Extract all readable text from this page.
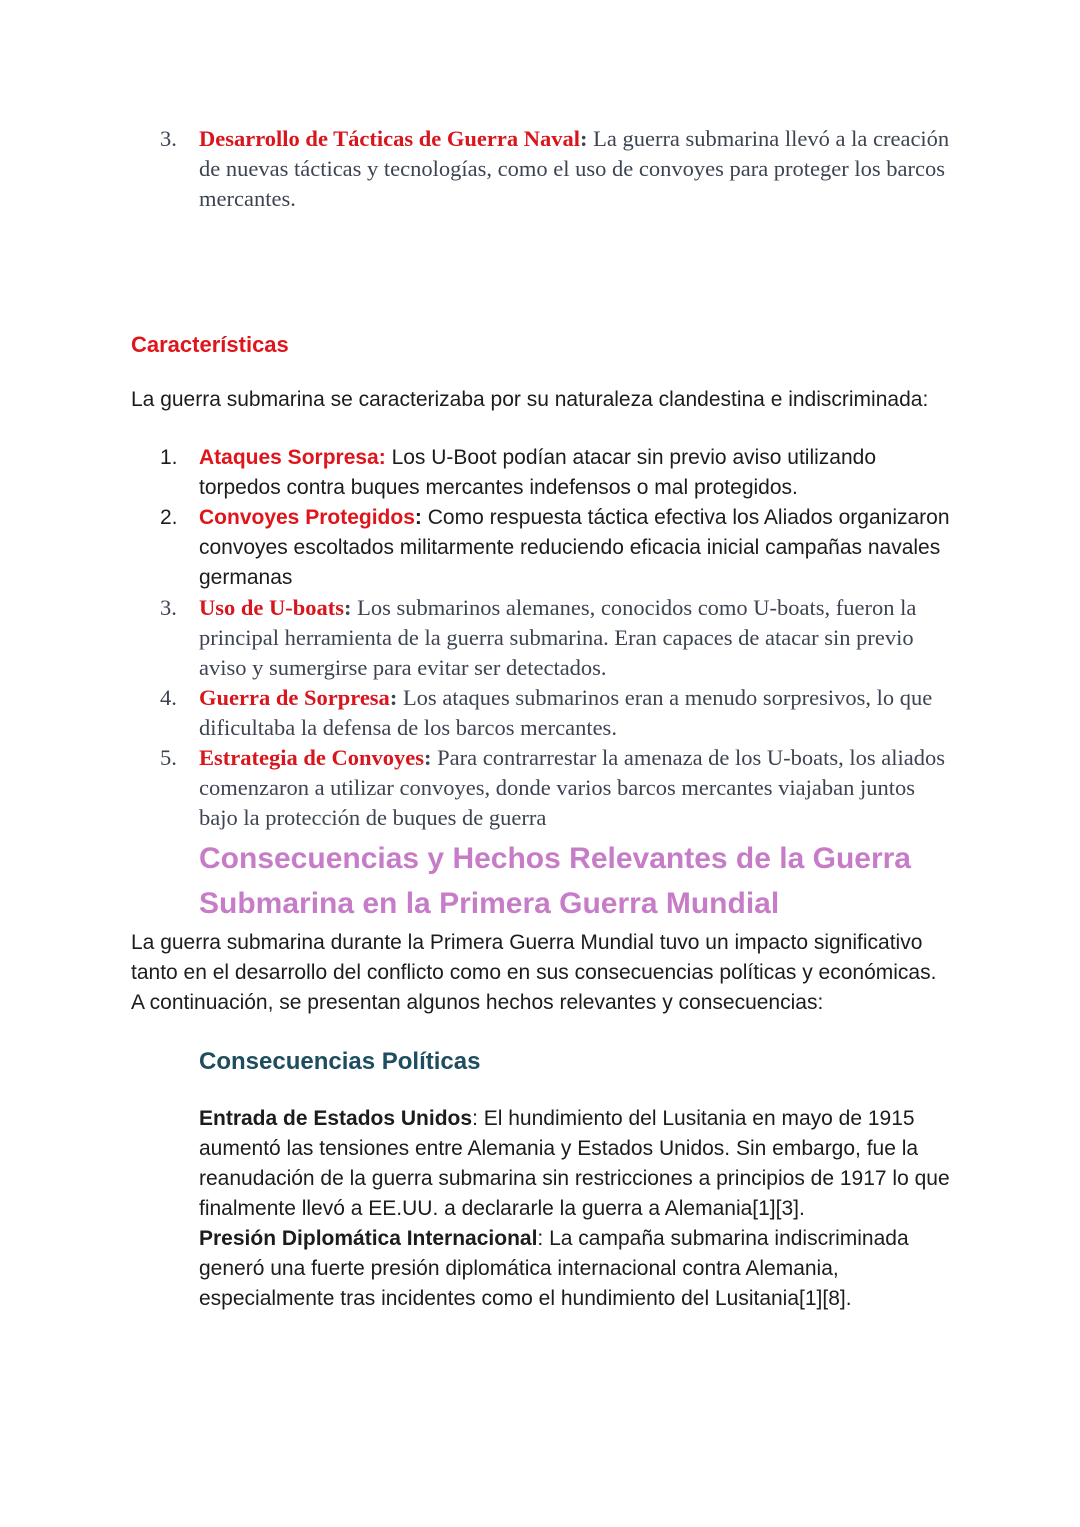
3. Desarrollo de Tácticas de Guerra Naval: La guerra submarina llevó a la creación de nuevas tácticas y tecnologías, como el uso de convoyes para proteger los barcos mercantes.
Características

La guerra submarina se caracterizaba por su naturaleza clandestina e indiscriminada:

1. Ataques Sorpresa: Los U-Boot podían atacar sin previo aviso utilizando torpedos contra buques mercantes indefensos o mal protegidos.
2. Convoyes Protegidos: Como respuesta táctica efectiva los Aliados organizaron convoyes escoltados militarmente reduciendo eficacia inicial campañas navales germanas
3. Uso de U-boats: Los submarinos alemanes, conocidos como U-boats, fueron la principal herramienta de la guerra submarina. Eran capaces de atacar sin previo aviso y sumergirse para evitar ser detectados.
4. Guerra de Sorpresa: Los ataques submarinos eran a menudo sorpresivos, lo que dificultaba la defensa de los barcos mercantes.
5. Estrategia de Convoyes: Para contrarrestar la amenaza de los U-boats, los aliados comenzaron a utilizar convoyes, donde varios barcos mercantes viajaban juntos bajo la protección de buques de guerra
Consecuencias y Hechos Relevantes de la Guerra Submarina en la Primera Guerra Mundial

La guerra submarina durante la Primera Guerra Mundial tuvo un impacto significativo tanto en el desarrollo del conflicto como en sus consecuencias políticas y económicas. A continuación, se presentan algunos hechos relevantes y consecuencias:

Consecuencias Políticas

Entrada de Estados Unidos: El hundimiento del Lusitania en mayo de 1915 aumentó las tensiones entre Alemania y Estados Unidos. Sin embargo, fue la reanudación de la guerra submarina sin restricciones a principios de 1917 lo que finalmente llevó a EE.UU. a declararle la guerra a Alemania[1][3].

Presión Diplomática Internacional: La campaña submarina indiscriminada generó una fuerte presión diplomática internacional contra Alemania, especialmente tras incidentes como el hundimiento del Lusitania[1][8].
